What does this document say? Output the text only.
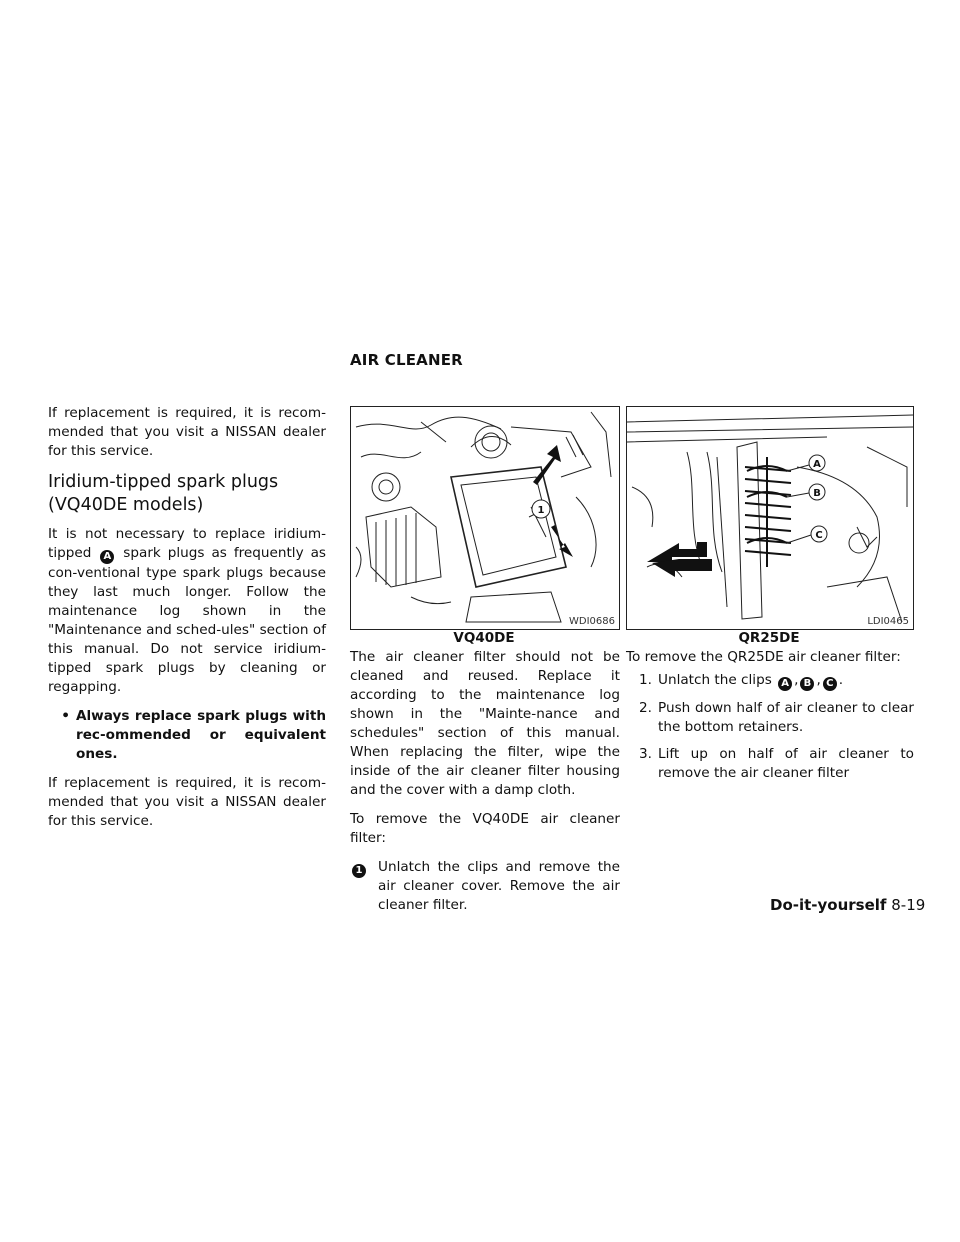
AIR CLEANER

If replacement is required, it is recom-mended that you visit a NISSAN dealer for this service.

Iridium-tipped spark plugs
(VQ40DE models)

It is not necessary to replace iridium-tipped A spark plugs as frequently as con-ventional type spark plugs because they last much longer. Follow the maintenance log shown in the "Maintenance and sched-ules" section of this manual. Do not service iridium-tipped spark plugs by cleaning or regapping.

• Always replace spark plugs with rec-ommended or equivalent ones.

If replacement is required, it is recom-mended that you visit a NISSAN dealer for this service.

1
WDI0686
VQ40DE
A
B
C
LDI0465
QR25DE

The air cleaner filter should not be cleaned and reused. Replace it according to the maintenance log shown in the "Mainte-nance and schedules" section of this manual. When replacing the filter, wipe the inside of the air cleaner filter housing and the cover with a damp cloth.

To remove the VQ40DE air cleaner filter:

1	Unlatch the clips and remove the air cleaner cover. Remove the air cleaner filter.

To remove the QR25DE air cleaner filter:

1. Unlatch the clips A , B , C .
2. Push down half of air cleaner to clear the bottom retainers.
3. Lift up on half of air cleaner to remove the air cleaner filter
Do-it-yourself 8-19
